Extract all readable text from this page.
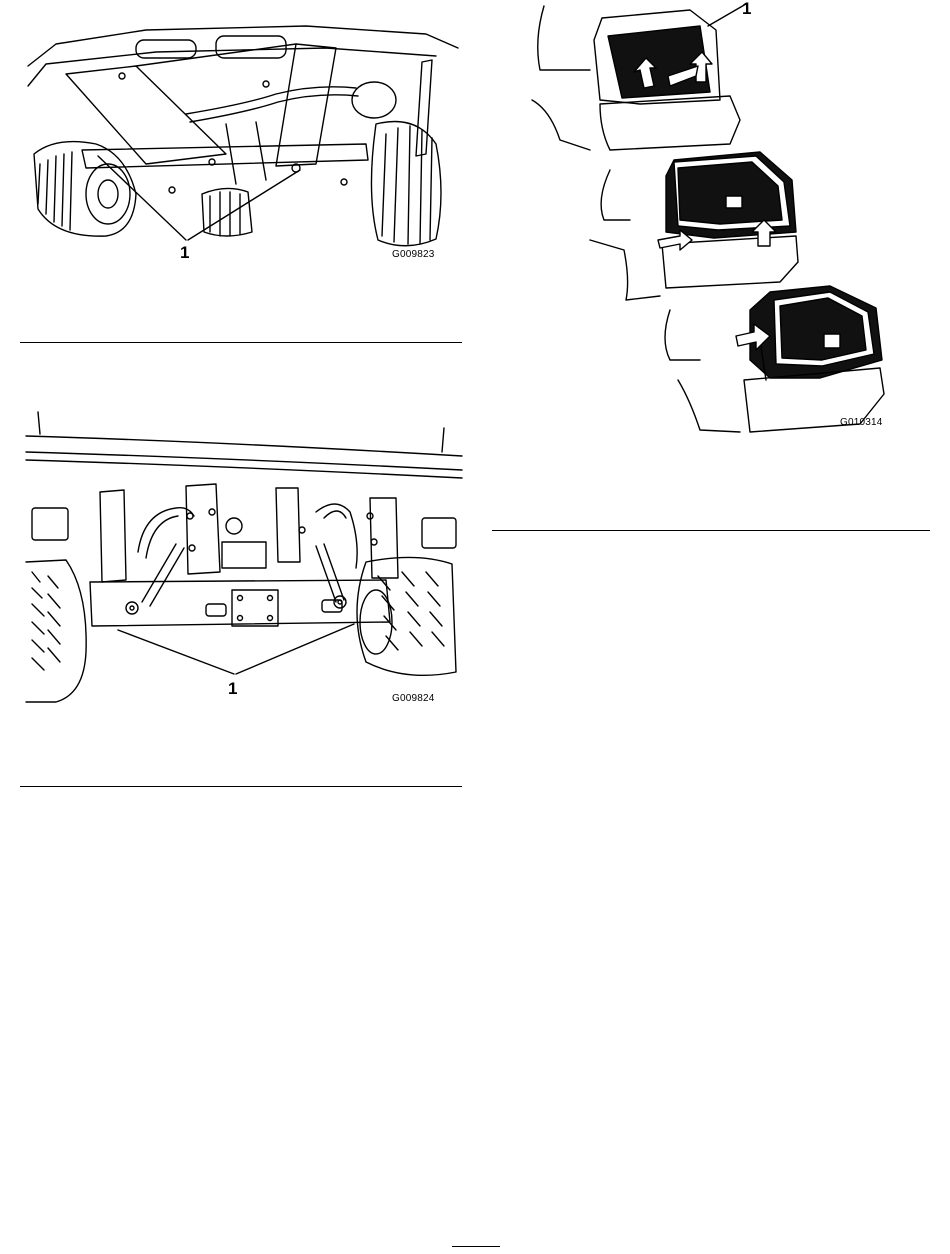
1	G009823
1
G009824
1
G010314
